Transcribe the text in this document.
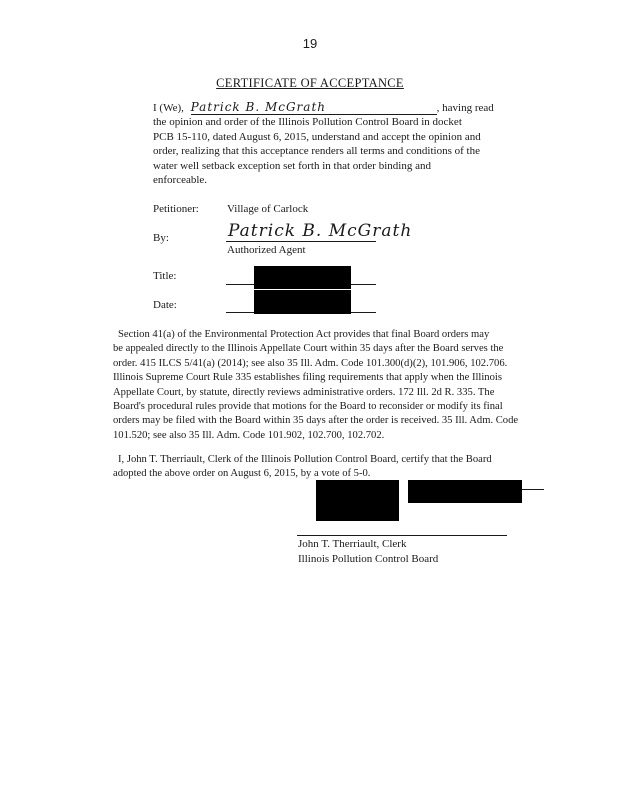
19
CERTIFICATE OF ACCEPTANCE

I (We), Patrick B. McGrath	, having read

the opinion and order of the Illinois Pollution Control Board in docket

PCB 15-110, dated August 6, 2015, understand and accept the opinion and

order, realizing that this acceptance renders all terms and conditions of the

water well setback exception set forth in that order binding and

enforceable.

Petitioner:	Village of Carlock
By:	Patrick B. McGrath
Authorized Agent
Title:
Date:

Section 41(a) of the Environmental Protection Act provides that final Board orders may

be appealed directly to the Illinois Appellate Court within 35 days after the Board serves the

order. 415 ILCS 5/41(a) (2014); see also 35 Ill. Adm. Code 101.300(d)(2), 101.906, 102.706.

Illinois Supreme Court Rule 335 establishes filing requirements that apply when the Illinois

Appellate Court, by statute, directly reviews administrative orders. 172 Ill. 2d R. 335. The

Board's procedural rules provide that motions for the Board to reconsider or modify its final

orders may be filed with the Board within 35 days after the order is received. 35 Ill. Adm. Code

101.520; see also 35 Ill. Adm. Code 101.902, 102.700, 102.702.

I, John T. Therriault, Clerk of the Illinois Pollution Control Board, certify that the Board

adopted the above order on August 6, 2015, by a vote of 5-0.

John T. Therriault, Clerk
Illinois Pollution Control Board
